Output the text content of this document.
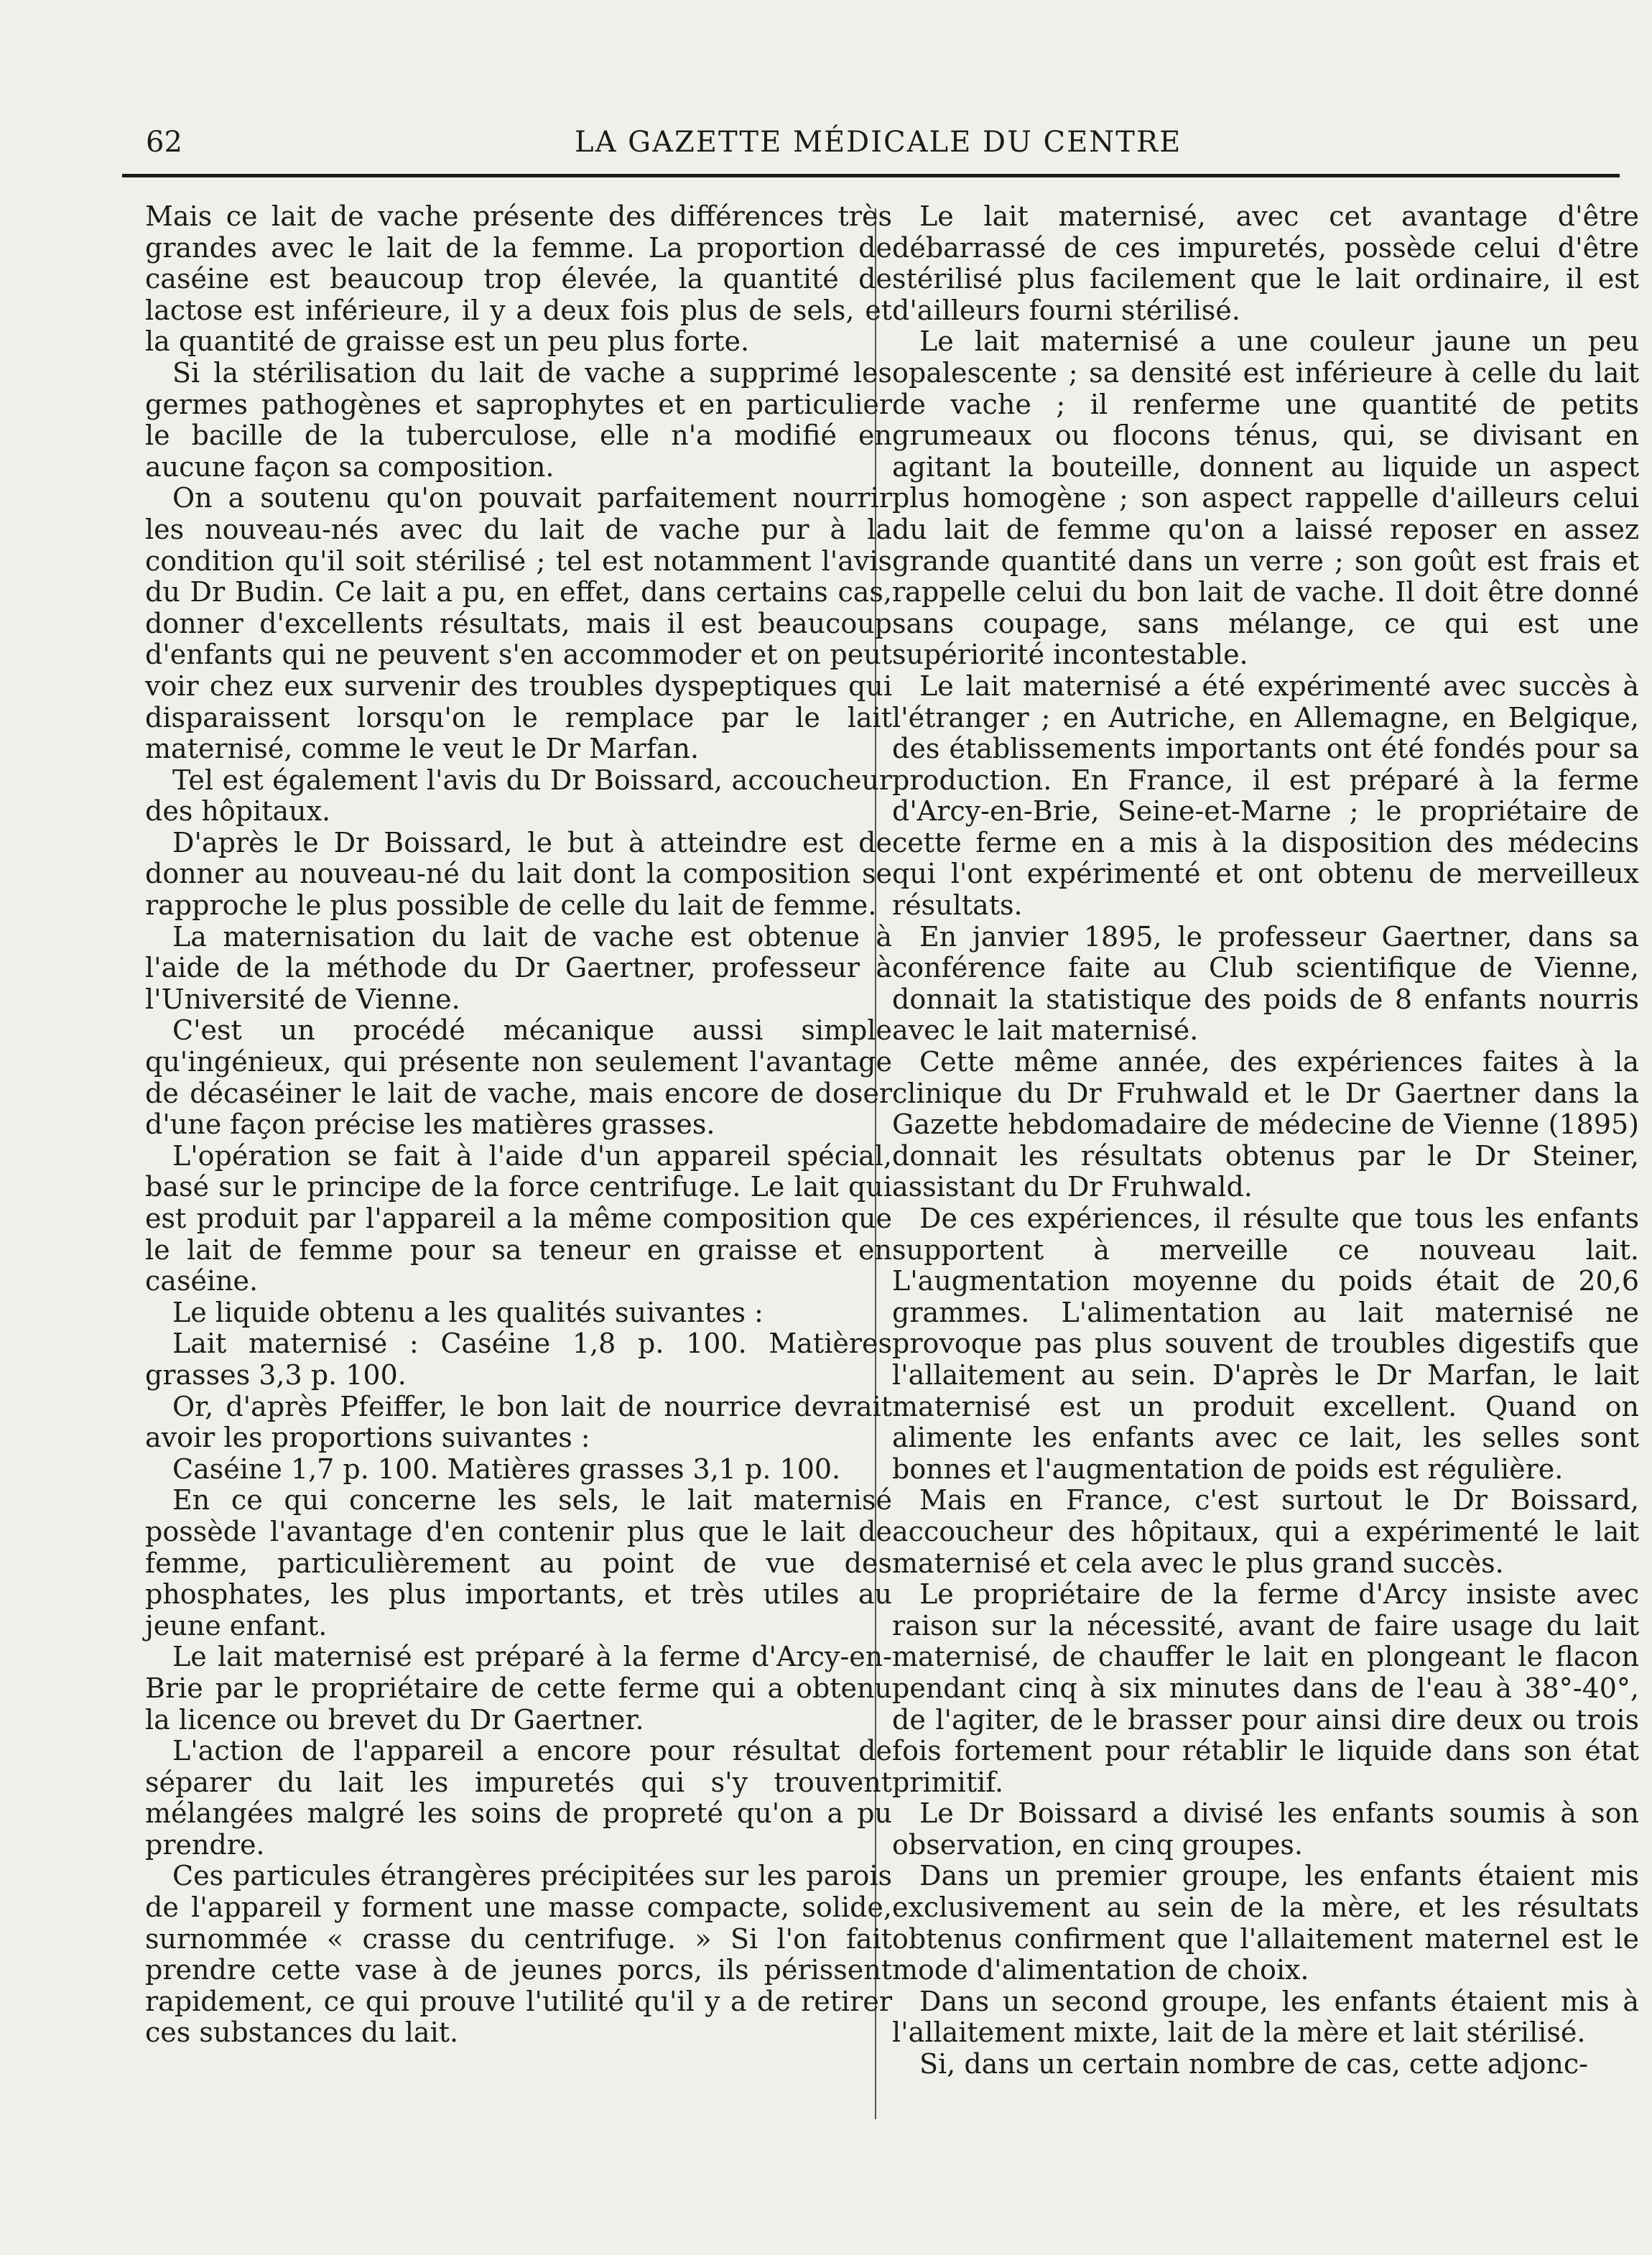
62	LA GAZETTE MÉDICALE DU CENTRE

Mais ce lait de vache présente des différences très grandes avec le lait de la femme. La proportion de caséine est beaucoup trop élevée, la quantité de lactose est inférieure, il y a deux fois plus de sels, et la quantité de graisse est un peu plus forte.

Si la stérilisation du lait de vache a supprimé les germes pathogènes et saprophytes et en particulier le bacille de la tuberculose, elle n'a modifié en aucune façon sa composition.

On a soutenu qu'on pouvait parfaitement nourrir les nouveau-nés avec du lait de vache pur à la condition qu'il soit stérilisé ; tel est notamment l'avis du Dr Budin. Ce lait a pu, en effet, dans certains cas, donner d'excellents résultats, mais il est beaucoup d'enfants qui ne peuvent s'en accommoder et on peut voir chez eux survenir des troubles dyspeptiques qui disparaissent lorsqu'on le remplace par le lait maternisé, comme le veut le Dr Marfan.

Tel est également l'avis du Dr Boissard, accoucheur des hôpitaux.

D'après le Dr Boissard, le but à atteindre est de donner au nouveau-né du lait dont la composition se rapproche le plus possible de celle du lait de femme.

La maternisation du lait de vache est obtenue à l'aide de la méthode du Dr Gaertner, professeur à l'Université de Vienne.

C'est un procédé mécanique aussi simple qu'ingénieux, qui présente non seulement l'avantage de décaséiner le lait de vache, mais encore de doser d'une façon précise les matières grasses.

L'opération se fait à l'aide d'un appareil spécial, basé sur le principe de la force centrifuge. Le lait qui est produit par l'appareil a la même composition que le lait de femme pour sa teneur en graisse et en caséine.

Le liquide obtenu a les qualités suivantes :

Lait maternisé : Caséine 1,8 p. 100. Matières grasses 3,3 p. 100.

Or, d'après Pfeiffer, le bon lait de nourrice devrait avoir les proportions suivantes :

Caséine 1,7 p. 100. Matières grasses 3,1 p. 100.

En ce qui concerne les sels, le lait maternisé possède l'avantage d'en contenir plus que le lait de femme, particulièrement au point de vue des phosphates, les plus importants, et très utiles au jeune enfant.

Le lait maternisé est préparé à la ferme d'Arcy-en-Brie par le propriétaire de cette ferme qui a obtenu la licence ou brevet du Dr Gaertner.

L'action de l'appareil a encore pour résultat de séparer du lait les impuretés qui s'y trouvent mélangées malgré les soins de propreté qu'on a pu prendre.

Ces particules étrangères précipitées sur les parois de l'appareil y forment une masse compacte, solide, surnommée « crasse du centrifuge. » Si l'on fait prendre cette vase à de jeunes porcs, ils périssent rapidement, ce qui prouve l'utilité qu'il y a de retirer ces substances du lait.

Le lait maternisé, avec cet avantage d'être débarrassé de ces impuretés, possède celui d'être stérilisé plus facilement que le lait ordinaire, il est d'ailleurs fourni stérilisé.

Le lait maternisé a une couleur jaune un peu opalescente ; sa densité est inférieure à celle du lait de vache ; il renferme une quantité de petits grumeaux ou flocons ténus, qui, se divisant en agitant la bouteille, donnent au liquide un aspect plus homogène ; son aspect rappelle d'ailleurs celui du lait de femme qu'on a laissé reposer en assez grande quantité dans un verre ; son goût est frais et rappelle celui du bon lait de vache. Il doit être donné sans coupage, sans mélange, ce qui est une supériorité incontestable.

Le lait maternisé a été expérimenté avec succès à l'étranger ; en Autriche, en Allemagne, en Belgique, des établissements importants ont été fondés pour sa production. En France, il est préparé à la ferme d'Arcy-en-Brie, Seine-et-Marne ; le propriétaire de cette ferme en a mis à la disposition des médecins qui l'ont expérimenté et ont obtenu de merveilleux résultats.

En janvier 1895, le professeur Gaertner, dans sa conférence faite au Club scientifique de Vienne, donnait la statistique des poids de 8 enfants nourris avec le lait maternisé.

Cette même année, des expériences faites à la clinique du Dr Fruhwald et le Dr Gaertner dans la Gazette hebdomadaire de médecine de Vienne (1895) donnait les résultats obtenus par le Dr Steiner, assistant du Dr Fruhwald.

De ces expériences, il résulte que tous les enfants supportent à merveille ce nouveau lait. L'augmentation moyenne du poids était de 20,6 grammes. L'alimentation au lait maternisé ne provoque pas plus souvent de troubles digestifs que l'allaitement au sein. D'après le Dr Marfan, le lait maternisé est un produit excellent. Quand on alimente les enfants avec ce lait, les selles sont bonnes et l'augmentation de poids est régulière.

Mais en France, c'est surtout le Dr Boissard, accoucheur des hôpitaux, qui a expérimenté le lait maternisé et cela avec le plus grand succès.

Le propriétaire de la ferme d'Arcy insiste avec raison sur la nécessité, avant de faire usage du lait maternisé, de chauffer le lait en plongeant le flacon pendant cinq à six minutes dans de l'eau à 38°-40°, de l'agiter, de le brasser pour ainsi dire deux ou trois fois fortement pour rétablir le liquide dans son état primitif.

Le Dr Boissard a divisé les enfants soumis à son observation, en cinq groupes.

Dans un premier groupe, les enfants étaient mis exclusivement au sein de la mère, et les résultats obtenus confirment que l'allaitement maternel est le mode d'alimentation de choix.

Dans un second groupe, les enfants étaient mis à l'allaitement mixte, lait de la mère et lait stérilisé.

Si, dans un certain nombre de cas, cette adjonc-
